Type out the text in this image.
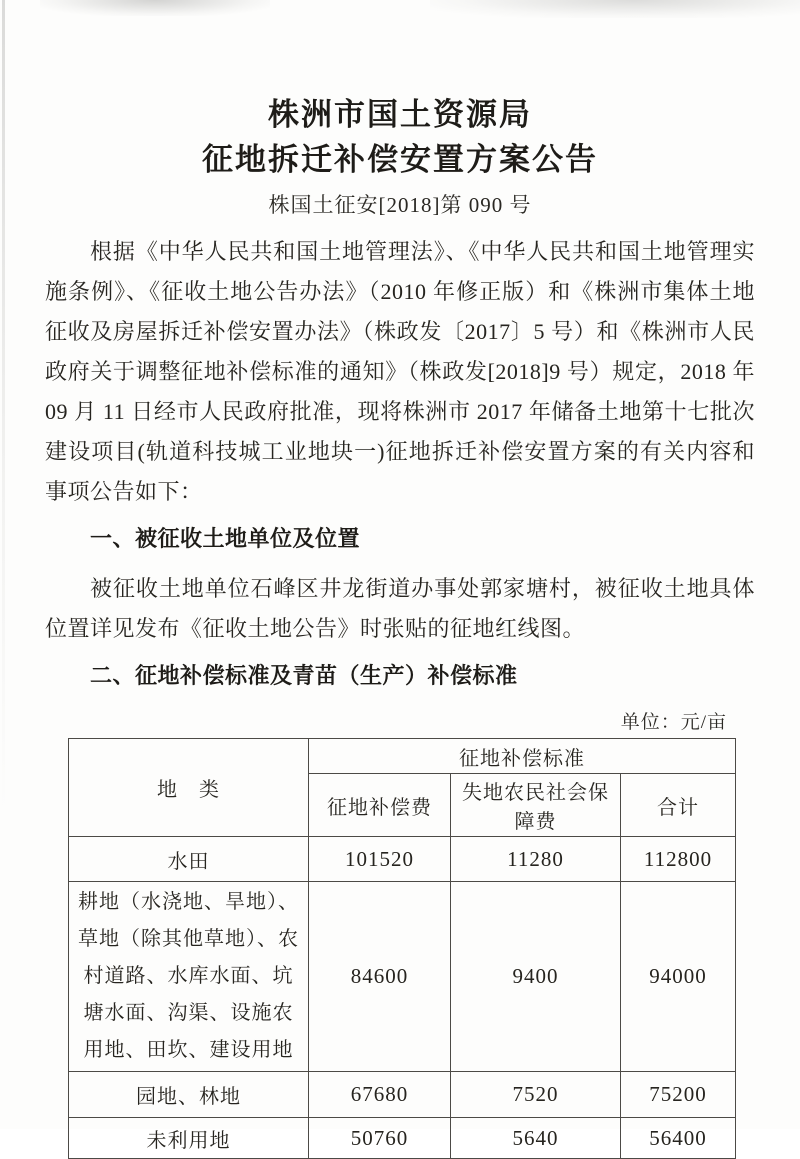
株洲市国土资源局
征地拆迁补偿安置方案公告
株国土征安[2018]第 090 号

根据《中华人民共和国土地管理法》、《中华人民共和国土地管理实施条例》、《征收土地公告办法》（2010 年修正版）和《株洲市集体土地征收及房屋拆迁补偿安置办法》（株政发〔2017〕5 号）和《株洲市人民政府关于调整征地补偿标准的通知》（株政发[2018]9 号）规定，2018 年 09 月 11 日经市人民政府批准，现将株洲市 2017 年储备土地第十七批次建设项目(轨道科技城工业地块一)征地拆迁补偿安置方案的有关内容和事项公告如下：

一、被征收土地单位及位置

被征收土地单位石峰区井龙街道办事处郭家塘村，被征收土地具体位置详见发布《征收土地公告》时张贴的征地红线图。

二、征地补偿标准及青苗（生产）补偿标准

单位：元/亩
地　类	征地补偿标准		
	征地补偿费	失地农民社会保障费	合计
水田	101520	11280	112800
耕地（水浇地、旱地）、草地（除其他草地）、农村道路、水库水面、坑塘水面、沟渠、设施农用地、田坎、建设用地	84600	9400	94000
园地、林地	67680	7520	75200
未利用地	50760	5640	56400
